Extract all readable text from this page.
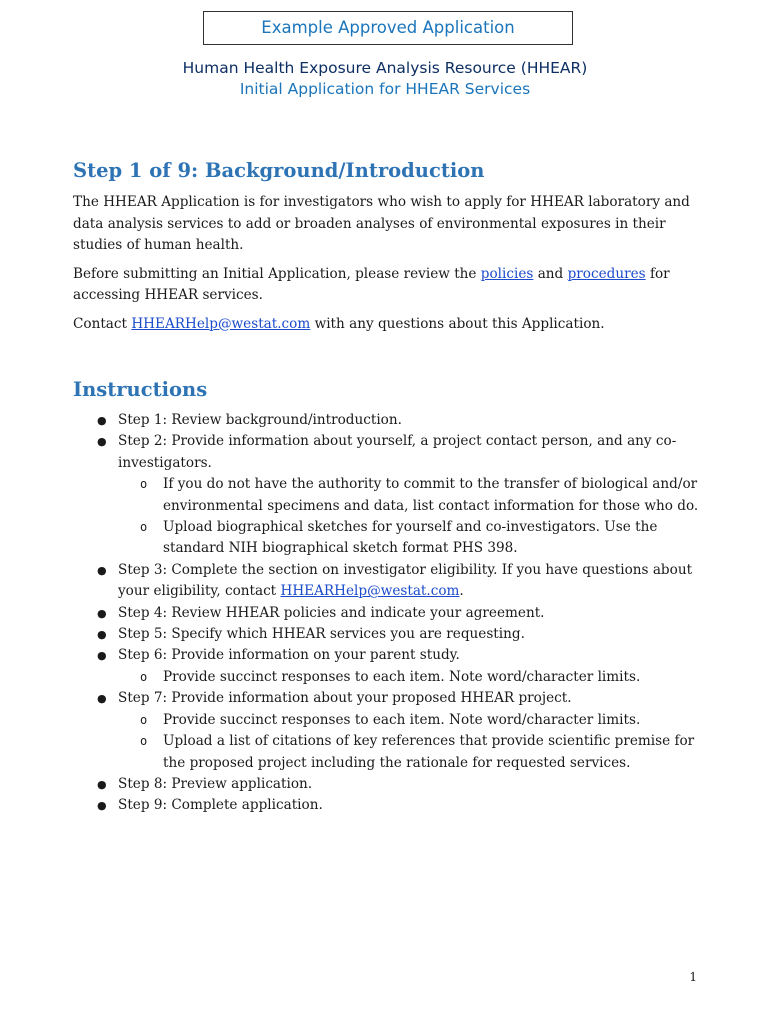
Example Approved Application
Human Health Exposure Analysis Resource (HHEAR)
Initial Application for HHEAR Services
Step 1 of 9: Background/Introduction

The HHEAR Application is for investigators who wish to apply for HHEAR laboratory and data analysis services to add or broaden analyses of environmental exposures in their studies of human health.

Before submitting an Initial Application, please review the policies and procedures for accessing HHEAR services.

Contact HHEARHelp@westat.com with any questions about this Application.

Instructions
● Step 1: Review background/introduction.
● Step 2: Provide information about yourself, a project contact person, and any co-investigators.
o If you do not have the authority to commit to the transfer of biological and/or environmental specimens and data, list contact information for those who do.
o Upload biographical sketches for yourself and co-investigators. Use the standard NIH biographical sketch format PHS 398.
● Step 3: Complete the section on investigator eligibility. If you have questions about your eligibility, contact HHEARHelp@westat.com.
● Step 4: Review HHEAR policies and indicate your agreement.
● Step 5: Specify which HHEAR services you are requesting.
● Step 6: Provide information on your parent study.
o Provide succinct responses to each item. Note word/character limits.
● Step 7: Provide information about your proposed HHEAR project.
o Provide succinct responses to each item. Note word/character limits.
o Upload a list of citations of key references that provide scientific premise for the proposed project including the rationale for requested services.
● Step 8: Preview application.
● Step 9: Complete application.
1
